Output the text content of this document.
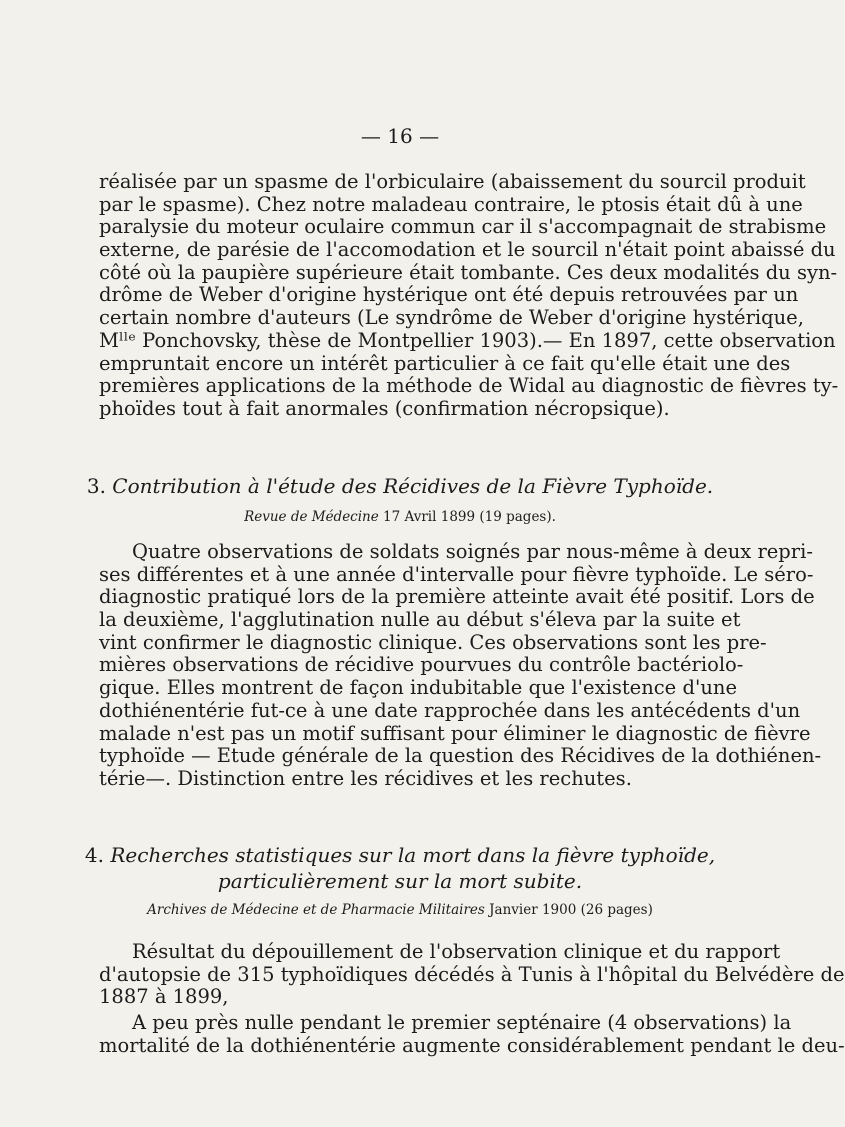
— 16 —
réalisée par un spasme de l'orbiculaire (abaissement du sourcil produit
par le spasme). Chez notre maladeau contraire, le ptosis était dû à une
paralysie du moteur oculaire commun car il s'accompagnait de strabisme
externe, de parésie de l'accomodation et le sourcil n'était point abaissé du
côté où la paupière supérieure était tombante. Ces deux modalités du syn-
drôme de Weber d'origine hystérique ont été depuis retrouvées par un
certain nombre d'auteurs (Le syndrôme de Weber d'origine hystérique,
Mˡˡᵉ Ponchovsky, thèse de Montpellier 1903).— En 1897, cette observation
empruntait encore un intérêt particulier à ce fait qu'elle était une des
premières applications de la méthode de Widal au diagnostic de fièvres ty-
phoïdes tout à fait anormales (confirmation nécropsique).
3. Contribution à l'étude des Récidives de la Fièvre Typhoïde.
Revue de Médecine 17 Avril 1899 (19 pages).
Quatre observations de soldats soignés par nous-même à deux repri-
ses différentes et à une année d'intervalle pour fièvre typhoïde. Le séro-
diagnostic pratiqué lors de la première atteinte avait été positif. Lors de
la deuxième, l'agglutination nulle au début s'éleva par la suite et
vint confirmer le diagnostic clinique. Ces observations sont les pre-
mières observations de récidive pourvues du contrôle bactériolo-
gique. Elles montrent de façon indubitable que l'existence d'une
dothiénentérie fut-ce à une date rapprochée dans les antécédents d'un
malade n'est pas un motif suffisant pour éliminer le diagnostic de fièvre
typhoïde — Etude générale de la question des Récidives de la dothiénen-
térie—. Distinction entre les récidives et les rechutes.
4. Recherches statistiques sur la mort dans la fièvre typhoïde,
particulièrement sur la mort subite.
Archives de Médecine et de Pharmacie Militaires Janvier 1900 (26 pages)
Résultat du dépouillement de l'observation clinique et du rapport
d'autopsie de 315 typhoïdiques décédés à Tunis à l'hôpital du Belvédère de
1887 à 1899,
A peu près nulle pendant le premier septénaire (4 observations) la
mortalité de la dothiénentérie augmente considérablement pendant le deu-
